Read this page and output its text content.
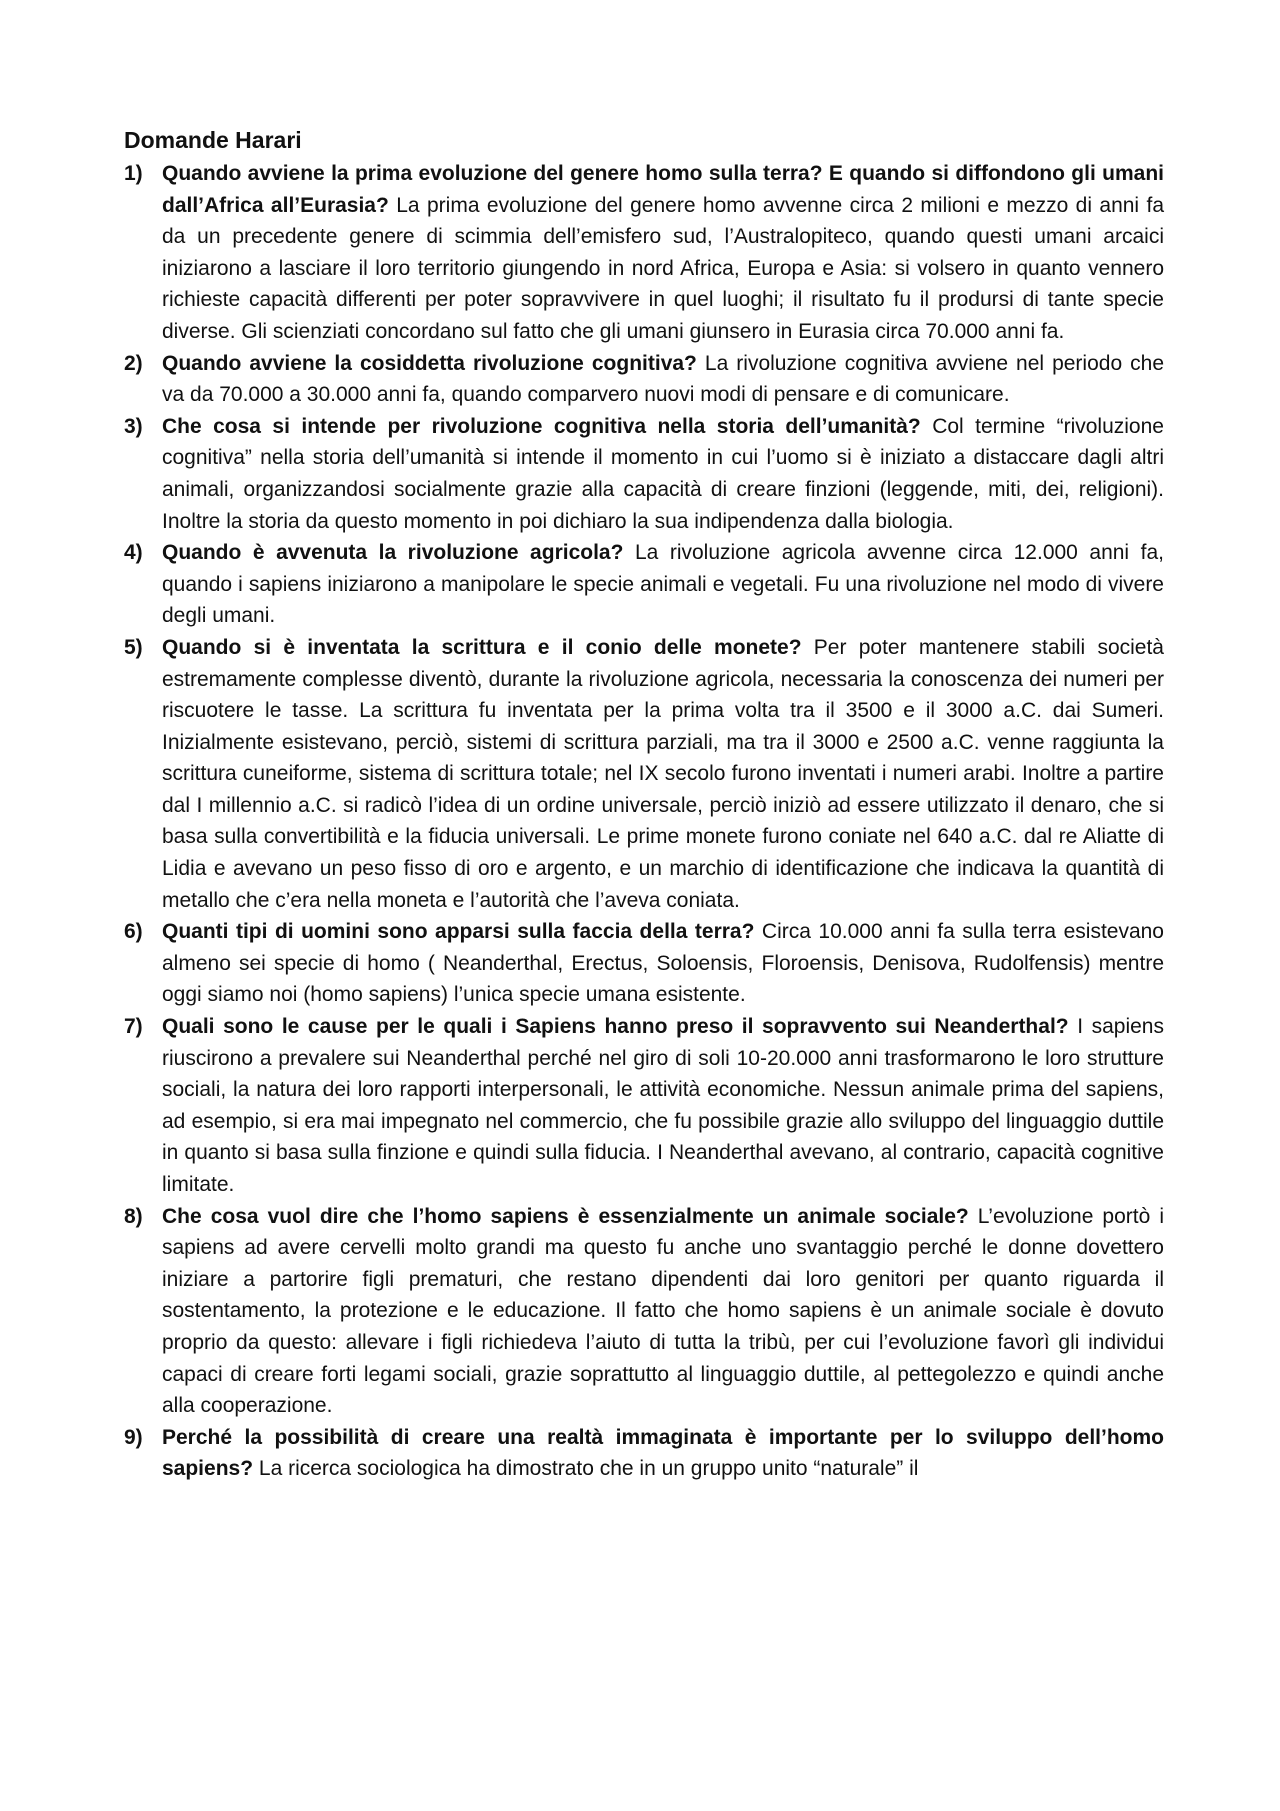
Domande Harari
1) Quando avviene la prima evoluzione del genere homo sulla terra? E quando si diffondono gli umani dall’Africa all’Eurasia? La prima evoluzione del genere homo avvenne circa 2 milioni e mezzo di anni fa da un precedente genere di scimmia dell’emisfero sud, l’Australopiteco, quando questi umani arcaici iniziarono a lasciare il loro territorio giungendo in nord Africa, Europa e Asia: si volsero in quanto vennero richieste capacità differenti per poter sopravvivere in quel luoghi; il risultato fu il prodursi di tante specie diverse. Gli scienziati concordano sul fatto che gli umani giunsero in Eurasia circa 70.000 anni fa.
2) Quando avviene la cosiddetta rivoluzione cognitiva? La rivoluzione cognitiva avviene nel periodo che va da 70.000 a 30.000 anni fa, quando comparvero nuovi modi di pensare e di comunicare.
3) Che cosa si intende per rivoluzione cognitiva nella storia dell’umanità? Col termine “rivoluzione cognitiva” nella storia dell’umanità si intende il momento in cui l’uomo si è iniziato a distaccare dagli altri animali, organizzandosi socialmente grazie alla capacità di creare finzioni (leggende, miti, dei, religioni). Inoltre la storia da questo momento in poi dichiaro la sua indipendenza dalla biologia.
4) Quando è avvenuta la rivoluzione agricola? La rivoluzione agricola avvenne circa 12.000 anni fa, quando i sapiens iniziarono a manipolare le specie animali e vegetali. Fu una rivoluzione nel modo di vivere degli umani.
5) Quando si è inventata la scrittura e il conio delle monete? Per poter mantenere stabili società estremamente complesse diventò, durante la rivoluzione agricola, necessaria la conoscenza dei numeri per riscuotere le tasse. La scrittura fu inventata per la prima volta tra il 3500 e il 3000 a.C. dai Sumeri. Inizialmente esistevano, perciò, sistemi di scrittura parziali, ma tra il 3000 e 2500 a.C. venne raggiunta la scrittura cuneiforme, sistema di scrittura totale; nel IX secolo furono inventati i numeri arabi. Inoltre a partire dal I millennio a.C. si radicò l’idea di un ordine universale, perciò iniziò ad essere utilizzato il denaro, che si basa sulla convertibilità e la fiducia universali. Le prime monete furono coniate nel 640 a.C. dal re Aliatte di Lidia e avevano un peso fisso di oro e argento, e un marchio di identificazione che indicava la quantità di metallo che c’era nella moneta e l’autorità che l’aveva coniata.
6) Quanti tipi di uomini sono apparsi sulla faccia della terra? Circa 10.000 anni fa sulla terra esistevano almeno sei specie di homo ( Neanderthal, Erectus, Soloensis, Floroensis, Denisova, Rudolfensis) mentre oggi siamo noi (homo sapiens) l’unica specie umana esistente.
7) Quali sono le cause per le quali i Sapiens hanno preso il sopravvento sui Neanderthal? I sapiens riuscirono a prevalere sui Neanderthal perché nel giro di soli 10-20.000 anni trasformarono le loro strutture sociali, la natura dei loro rapporti interpersonali, le attività economiche. Nessun animale prima del sapiens, ad esempio, si era mai impegnato nel commercio, che fu possibile grazie allo sviluppo del linguaggio duttile in quanto si basa sulla finzione e quindi sulla fiducia. I Neanderthal avevano, al contrario, capacità cognitive limitate.
8) Che cosa vuol dire che l’homo sapiens è essenzialmente un animale sociale? L’evoluzione portò i sapiens ad avere cervelli molto grandi ma questo fu anche uno svantaggio perché le donne dovettero iniziare a partorire figli prematuri, che restano dipendenti dai loro genitori per quanto riguarda il sostentamento, la protezione e le educazione. Il fatto che homo sapiens è un animale sociale è dovuto proprio da questo: allevare i figli richiedeva l’aiuto di tutta la tribù, per cui l’evoluzione favorì gli individui capaci di creare forti legami sociali, grazie soprattutto al linguaggio duttile, al pettegolezzo e quindi anche alla cooperazione.
9) Perché la possibilità di creare una realtà immaginata è importante per lo sviluppo dell’homo sapiens? La ricerca sociologica ha dimostrato che in un gruppo unito “naturale” il
